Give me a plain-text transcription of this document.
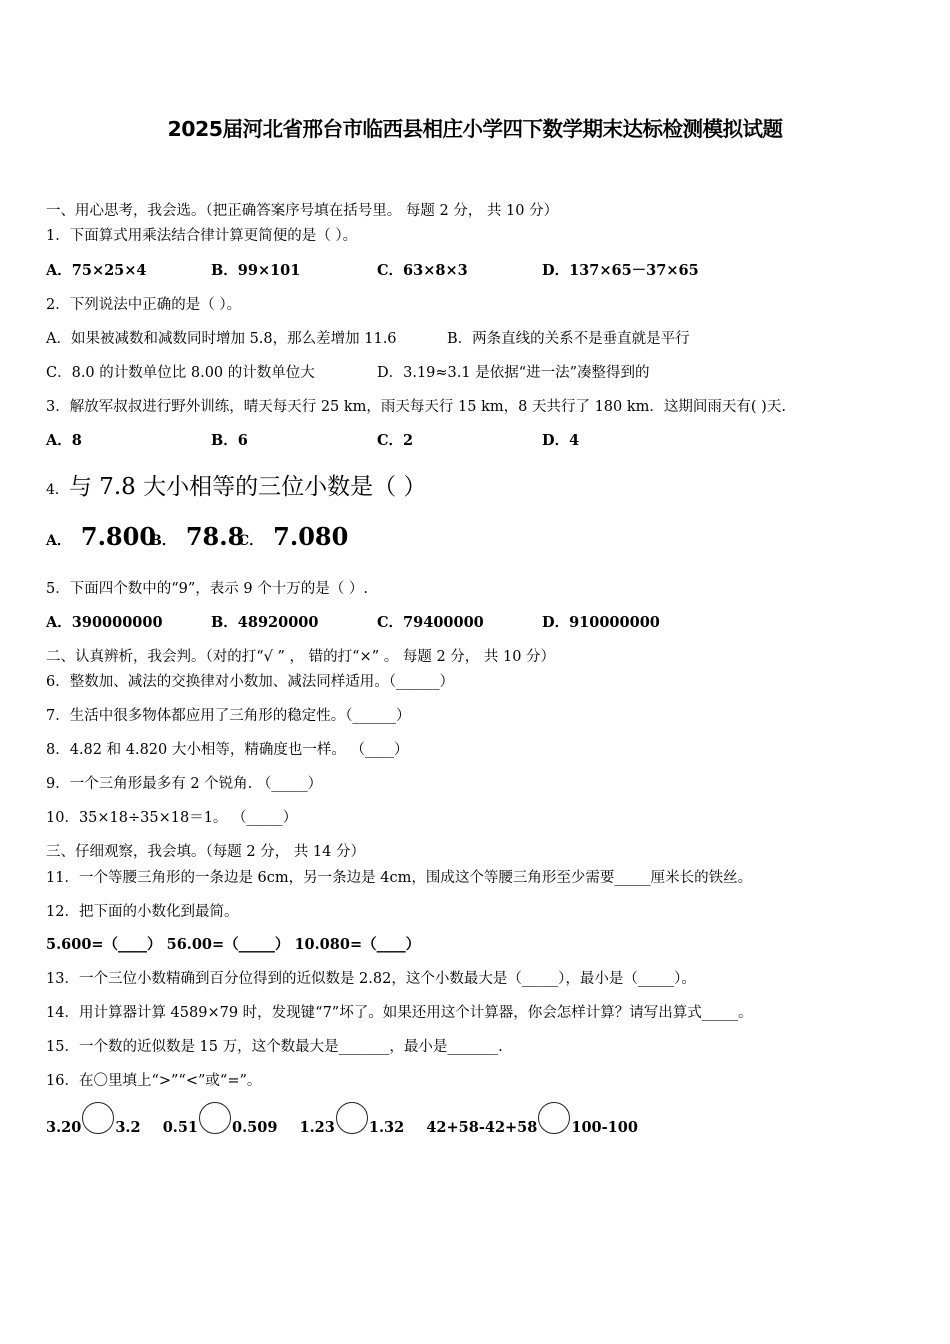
2025届河北省邢台市临西县相庄小学四下数学期末达标检测模拟试题
一、用心思考，我会选。（把正确答案序号填在括号里。 每题 2 分， 共 10 分）
1．下面算式用乘法结合律计算更简便的是（ ）。
A．75×25×4	B．99×101	C．63×8×3	D．137×65－37×65
2．下列说法中正确的是（ ）。
A．如果被减数和减数同时增加 5.8，那么差增加 11.6	B．两条直线的关系不是垂直就是平行
C．8.0 的计数单位比 8.00 的计数单位大	D．3.19≈3.1 是依据“进一法”凑整得到的
3．解放军叔叔进行野外训练，晴天每天行 25 km，雨天每天行 15 km，8 天共行了 180 km．这期间雨天有( )天.
A．8	B．6	C．2	D．4
4．与 7.8 大小相等的三位小数是（ ）
A． 7.800
B． 78.8
C． 7.080
5．下面四个数中的“9”，表示 9 个十万的是（ ）.
A．390000000	B．48920000	C．79400000	D．910000000
二、认真辨析，我会判。（对的打“√ ” ， 错的打“×” 。 每题 2 分， 共 10 分）
6．整数加、减法的交换律对小数加、减法同样适用。（______）
7．生活中很多物体都应用了三角形的稳定性。（______）
8．4.82 和 4.820 大小相等，精确度也一样。 （____）
9．一个三角形最多有 2 个锐角. （_____）
10．35×18÷35×18＝1。 （_____）
三、仔细观察，我会填。（每题 2 分， 共 14 分）
11．一个等腰三角形的一条边是 6cm，另一条边是 4cm，围成这个等腰三角形至少需要_____厘米长的铁丝。
12．把下面的小数化到最简。
5.600=（____） 56.00=（_____） 10.080=（____）
13．一个三位小数精确到百分位得到的近似数是 2.82，这个小数最大是（_____），最小是（_____）。
14．用计算器计算 4589×79 时，发现键“7”坏了。如果还用这个计算器，你会怎样计算？请写出算式_____。
15．一个数的近似数是 15 万，这个数最大是_______，最小是_______.
16．在〇里填上“>”“<”或“=”。
3.20 3.2 0.51 0.509 1.23 1.32 42+58-42+58 100-100
